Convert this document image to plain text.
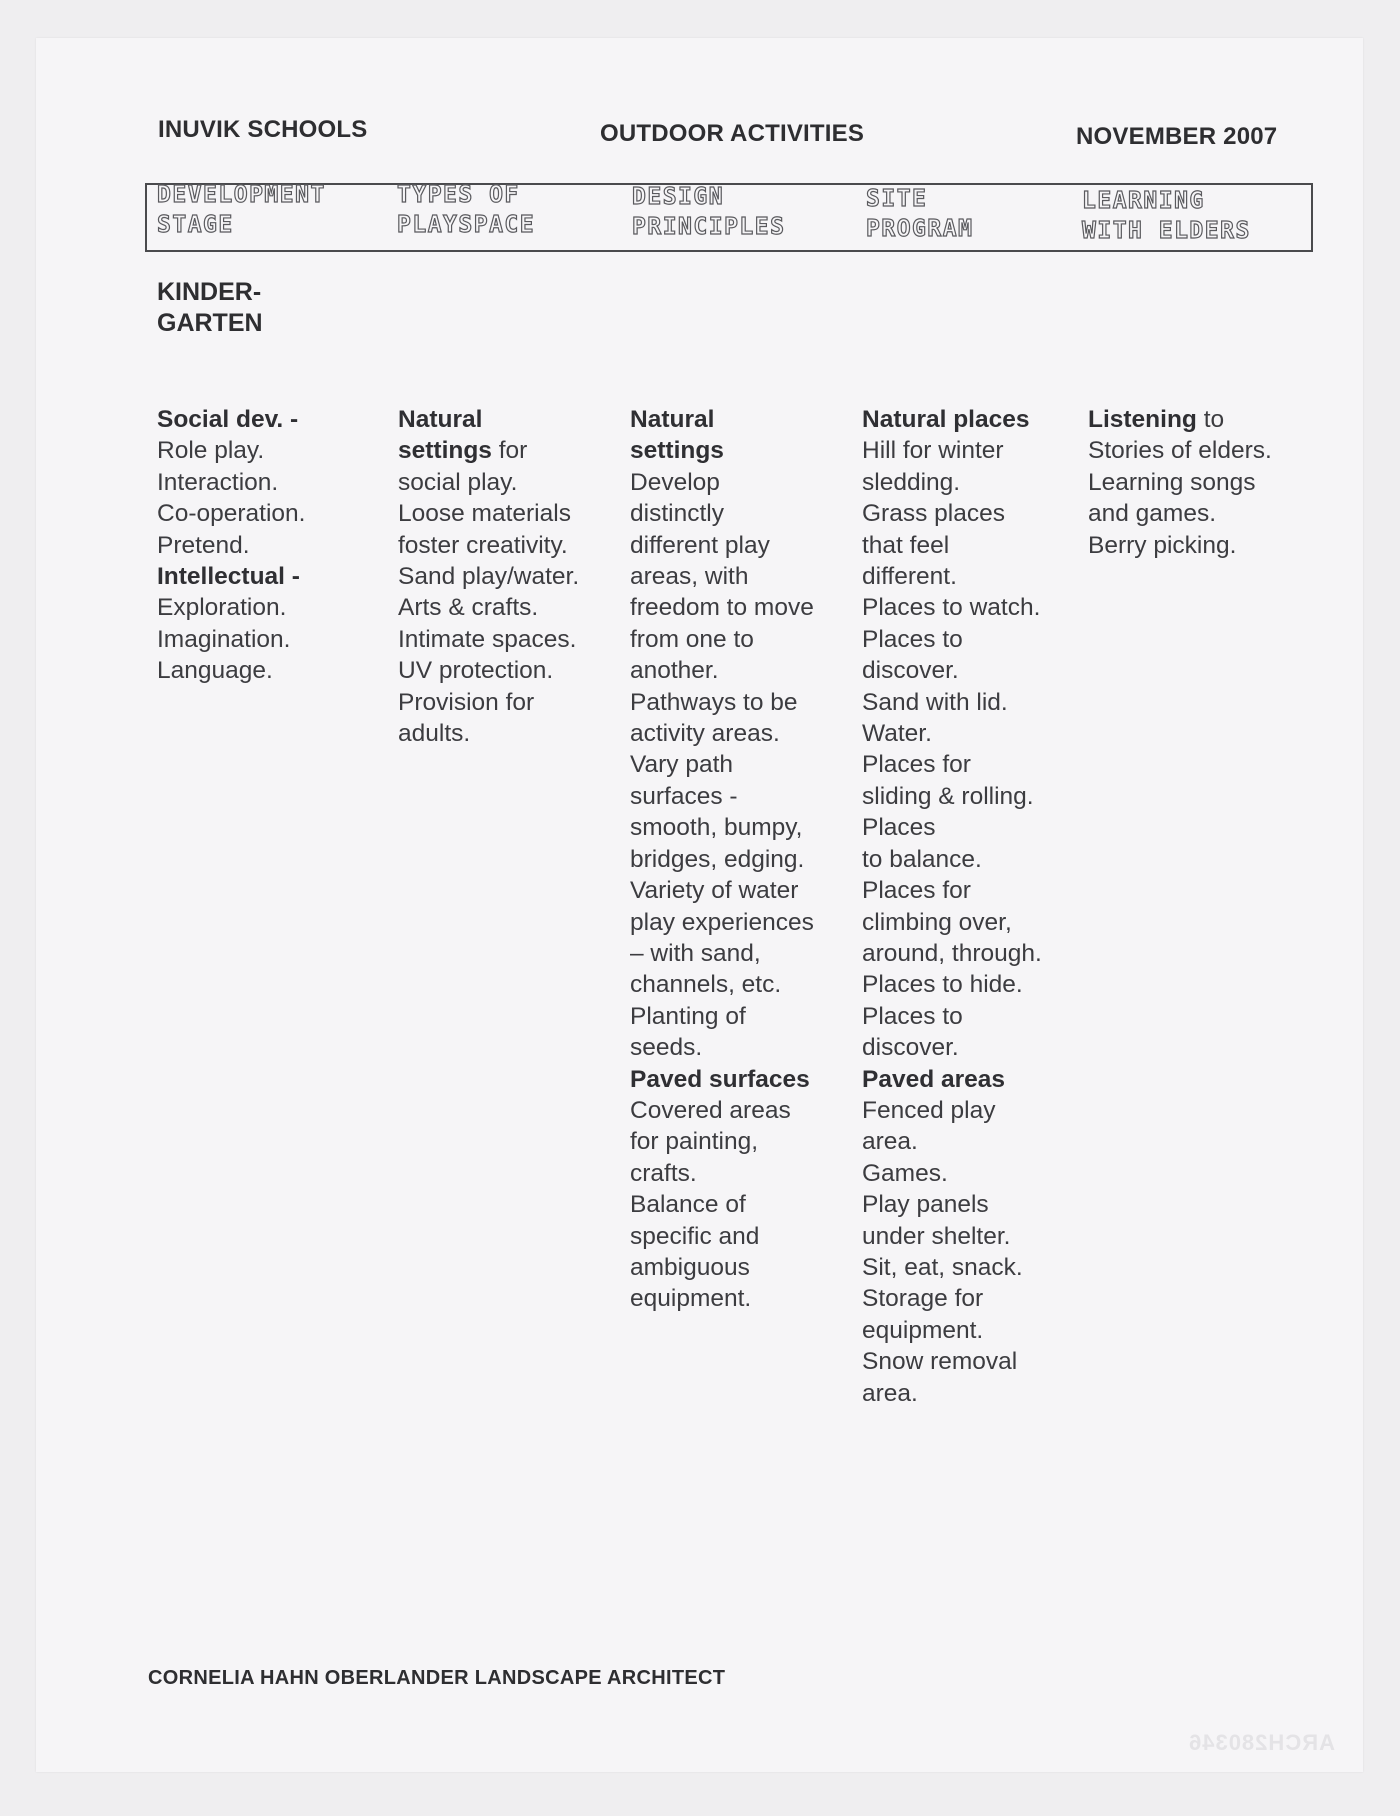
INUVIK SCHOOLS	OUTDOOR ACTIVITIES	NOVEMBER 2007
DEVELOPMENT
STAGE
TYPES OF
PLAYSPACE
DESIGN
PRINCIPLES
SITE
PROGRAM
LEARNING
WITH ELDERS
KINDER-
GARTEN
Social dev. -
Role play.
Interaction.
Co-operation.
Pretend.
Intellectual -
Exploration.
Imagination.
Language.
Natural
settings for
social play.
Loose materials
foster creativity.
Sand play/water.
Arts & crafts.
Intimate spaces.
UV protection.
Provision for
adults.
Natural
settings
Develop
distinctly
different play
areas, with
freedom to move
from one to
another.
Pathways to be
activity areas.
Vary path
surfaces -
smooth, bumpy,
bridges, edging.
Variety of water
play experiences
– with sand,
channels, etc.
Planting of
seeds.
Paved surfaces
Covered areas
for painting,
crafts.
Balance of
specific and
ambiguous
equipment.
Natural places
Hill for winter
sledding.
Grass places
that feel
different.
Places to watch.
Places to
discover.
Sand with lid.
Water.
Places for
sliding & rolling.
Places
to balance.
Places for
climbing over,
around, through.
Places to hide.
Places to
discover.
Paved areas
Fenced play
area.
Games.
Play panels
under shelter.
Sit, eat, snack.
Storage for
equipment.
Snow removal
area.
Listening to
Stories of elders.
Learning songs
and games.
Berry picking.
CORNELIA HAHN OBERLANDER LANDSCAPE ARCHITECT
ARCH280346
